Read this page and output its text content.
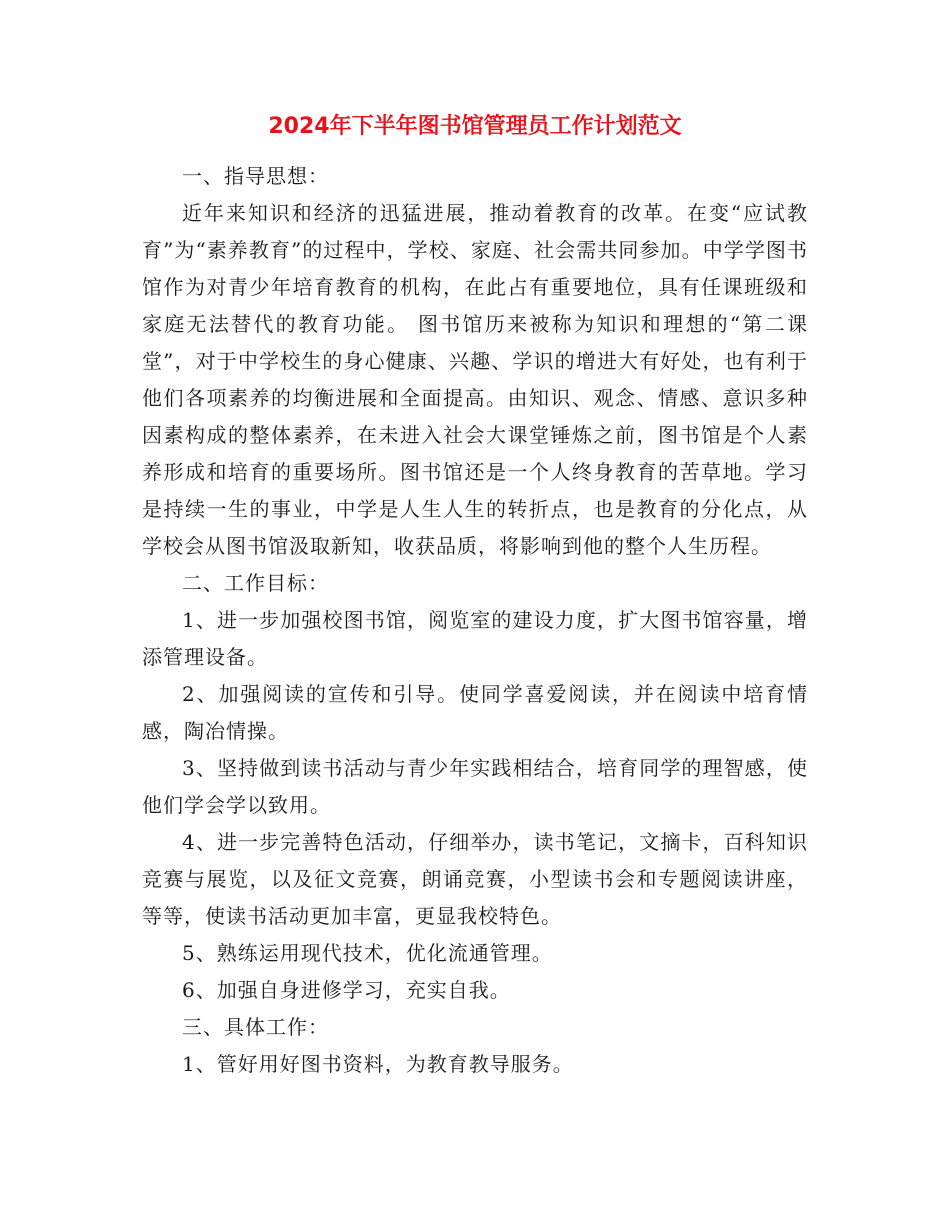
2024年下半年图书馆管理员工作计划范文

一、指导思想：

近年来知识和经济的迅猛进展，推动着教育的改革。在变“应试教育”为“素养教育”的过程中，学校、家庭、社会需共同参加。中学学图书馆作为对青少年培育教育的机构，在此占有重要地位，具有任课班级和家庭无法替代的教育功能。 图书馆历来被称为知识和理想的“第二课堂”，对于中学校生的身心健康、兴趣、学识的增进大有好处，也有利于他们各项素养的均衡进展和全面提高。由知识、观念、情感、意识多种因素构成的整体素养，在未进入社会大课堂锤炼之前，图书馆是个人素养形成和培育的重要场所。图书馆还是一个人终身教育的苦草地。学习是持续一生的事业，中学是人生人生的转折点，也是教育的分化点，从学校会从图书馆汲取新知，收获品质，将影响到他的整个人生历程。

二、工作目标：

1、进一步加强校图书馆，阅览室的建设力度，扩大图书馆容量，增添管理设备。

2、加强阅读的宣传和引导。使同学喜爱阅读，并在阅读中培育情感，陶冶情操。

3、坚持做到读书活动与青少年实践相结合，培育同学的理智感，使他们学会学以致用。

4、进一步完善特色活动，仔细举办，读书笔记，文摘卡，百科知识竞赛与展览，以及征文竞赛，朗诵竞赛，小型读书会和专题阅读讲座，等等，使读书活动更加丰富，更显我校特色。

5、熟练运用现代技术，优化流通管理。

6、加强自身进修学习，充实自我。

三、具体工作：

1、管好用好图书资料，为教育教导服务。
